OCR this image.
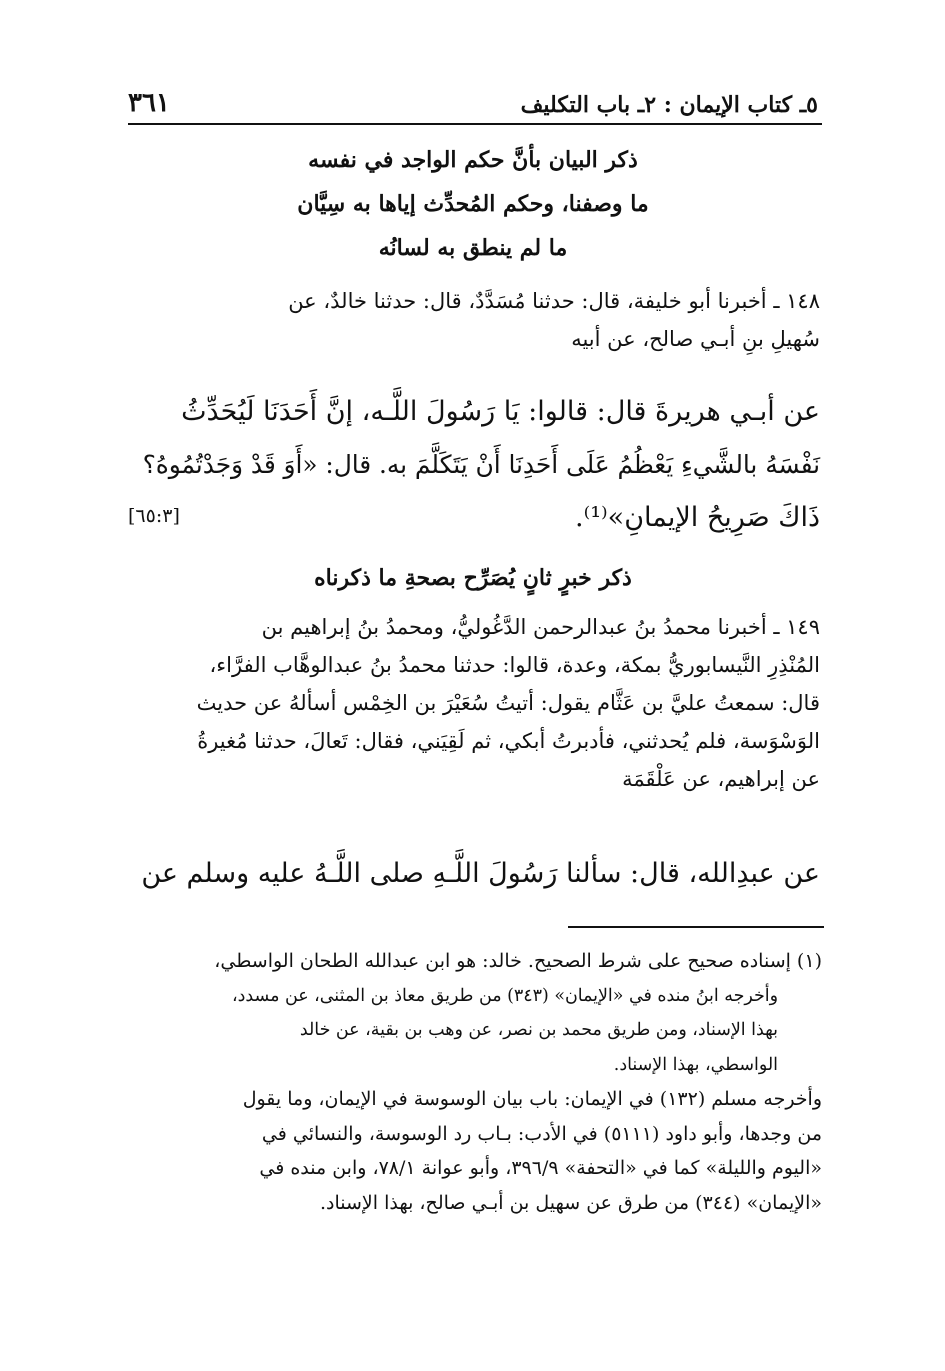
٥ـ كتاب الإيمان : ٢ـ باب التكليف
٣٦١
ذكر البيان بأنَّ حكم الواجد في نفسه
ما وصفنا، وحكم المُحدِّث إياها به سِيَّان
ما لم ينطق به لسانُه
١٤٨ ـ أخبرنا أبو خليفة، قال: حدثنا مُسَدَّدٌ، قال: حدثنا خالدٌ، عن
سُهيلِ بنِ أبـي صالح، عن أبيه
عن أبـي هريرةَ قال: قالوا: يَا رَسُولَ اللَّـه، إنَّ أَحَدَنَا لَيُحَدِّثُ
نَفْسَهُ بالشَّيءِ يَعْظُمُ عَلَى أَحَدِنَا أَنْ يَتَكَلَّمَ به. قال: «أَوَ قَدْ وَجَدْتُمُوهُ؟
ذَاكَ صَرِيحُ الإيمانِ»⁽¹⁾.
[٦٥:٣]
ذكر خبرٍ ثانٍ يُصَرِّح بصحةِ ما ذكرناه
١٤٩ ـ أخبرنا محمدُ بنُ عبدالرحمن الدَّغُوليُّ، ومحمدُ بنُ إبراهيم بن
المُنْذِرِ النَّيسابوريُّ بمكة، وعدة، قالوا: حدثنا محمدُ بنُ عبدالوهَّاب الفرَّاء،
قال: سمعتُ عليَّ بن عَثَّام يقول: أتيتُ سُعَيْرَ بن الخِمْس أسألهُ عن حديث
الوَسْوَسة، فلم يُحدثني، فأدبرتُ أبكي، ثم لَقِيَني، فقال: تَعالَ، حدثنا مُغيرةُ
عن إبراهيم، عن عَلْقَمَة
عن عبدِالله، قال: سألنا رَسُولَ اللَّـهِ صلى اللَّـهُ عليه وسلم عن
(١) إسناده صحيح على شرط الصحيح. خالد: هو ابن عبدالله الطحان الواسطي،
وأخرجه ابنُ منده في «الإيمان» (٣٤٣) من طريق معاذ بن المثنى، عن مسدد،
بهذا الإسناد، ومن طريق محمد بن نصر، عن وهب بن بقية، عن خالد
الواسطي، بهذا الإسناد.
وأخرجه مسلم (١٣٢) في الإيمان: باب بيان الوسوسة في الإيمان، وما يقول
من وجدها، وأبو داود (٥١١١) في الأدب: بـاب رد الوسوسة، والنسائي في
«اليوم والليلة» كما في «التحفة» ٣٩٦/٩، وأبو عوانة ٧٨/١، وابن منده في
«الإيمان» (٣٤٤) من طرق عن سهيل بن أبـي صالح، بهذا الإسناد.
